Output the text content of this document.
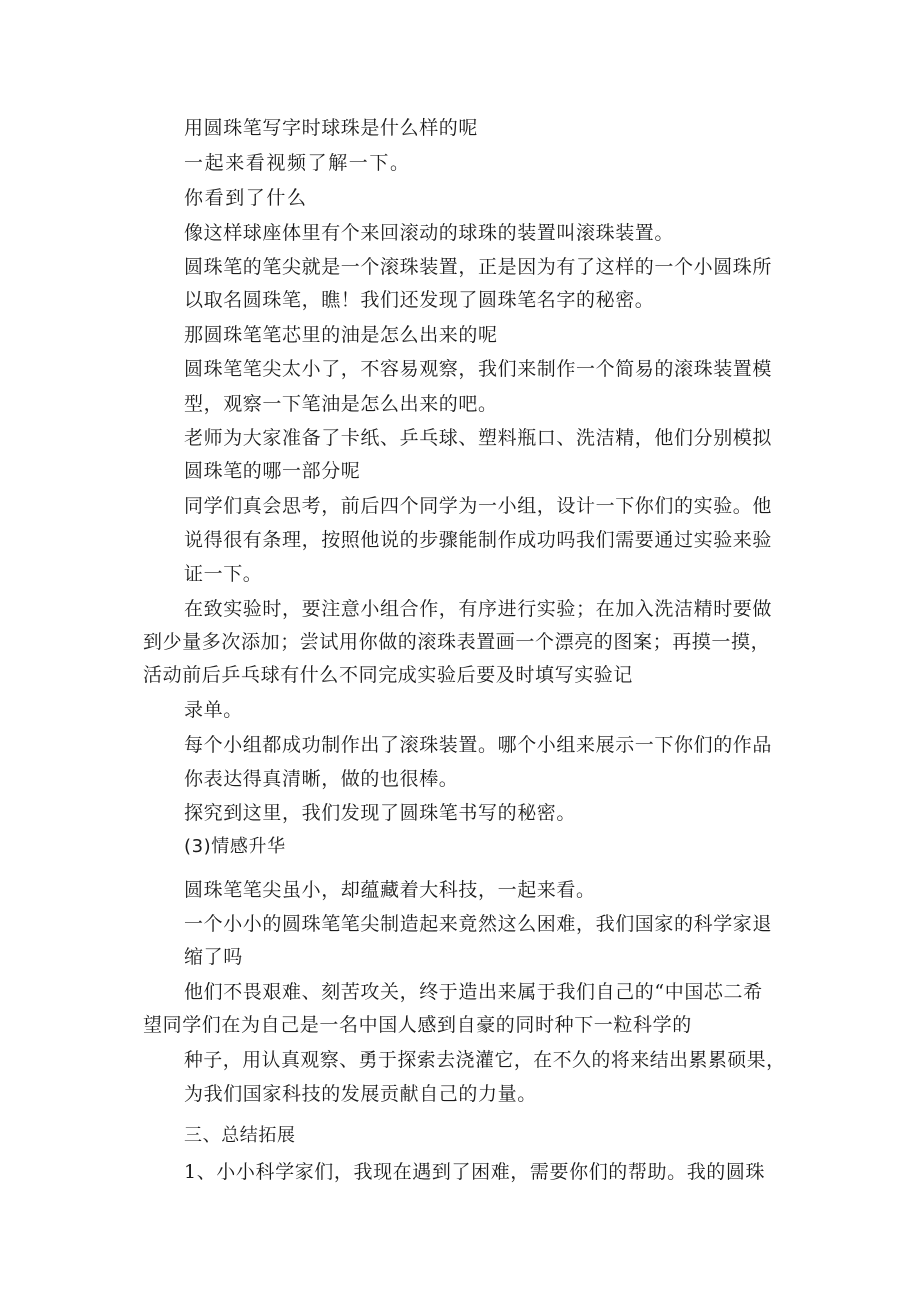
用圆珠笔写字时球珠是什么样的呢
一起来看视频了解一下。
你看到了什么
像这样球座体里有个来回滚动的球珠的装置叫滚珠装置。
圆珠笔的笔尖就是一个滚珠装置，正是因为有了这样的一个小圆珠所
以取名圆珠笔，瞧！我们还发现了圆珠笔名字的秘密。
那圆珠笔笔芯里的油是怎么出来的呢
圆珠笔笔尖太小了，不容易观察，我们来制作一个简易的滚珠装置模
型，观察一下笔油是怎么出来的吧。
老师为大家准备了卡纸、乒乓球、塑料瓶口、洗洁精，他们分别模拟
圆珠笔的哪一部分呢
同学们真会思考，前后四个同学为一小组，设计一下你们的实验。他
说得很有条理，按照他说的步骤能制作成功吗我们需要通过实验来验
证一下。
在致实验时，要注意小组合作，有序进行实验；在加入洗洁精时要做
到少量多次添加；尝试用你做的滚珠表置画一个漂亮的图案；再摸一摸，
活动前后乒乓球有什么不同完成实验后要及时填写实验记
录单。
每个小组都成功制作出了滚珠装置。哪个小组来展示一下你们的作品
你表达得真清晰，做的也很棒。
探究到这里，我们发现了圆珠笔书写的秘密。
(3)情感升华
圆珠笔笔尖虽小，却蕴藏着大科技，一起来看。
一个小小的圆珠笔笔尖制造起来竟然这么困难，我们国家的科学家退
缩了吗
他们不畏艰难、刻苦攻关，终于造出来属于我们自己的“中国芯二希
望同学们在为自己是一名中国人感到自豪的同时种下一粒科学的
种子，用认真观察、勇于探索去浇灌它，在不久的将来结出累累硕果，
为我们国家科技的发展贡献自己的力量。
三、总结拓展
1、小小科学家们，我现在遇到了困难，需要你们的帮助。我的圆珠
